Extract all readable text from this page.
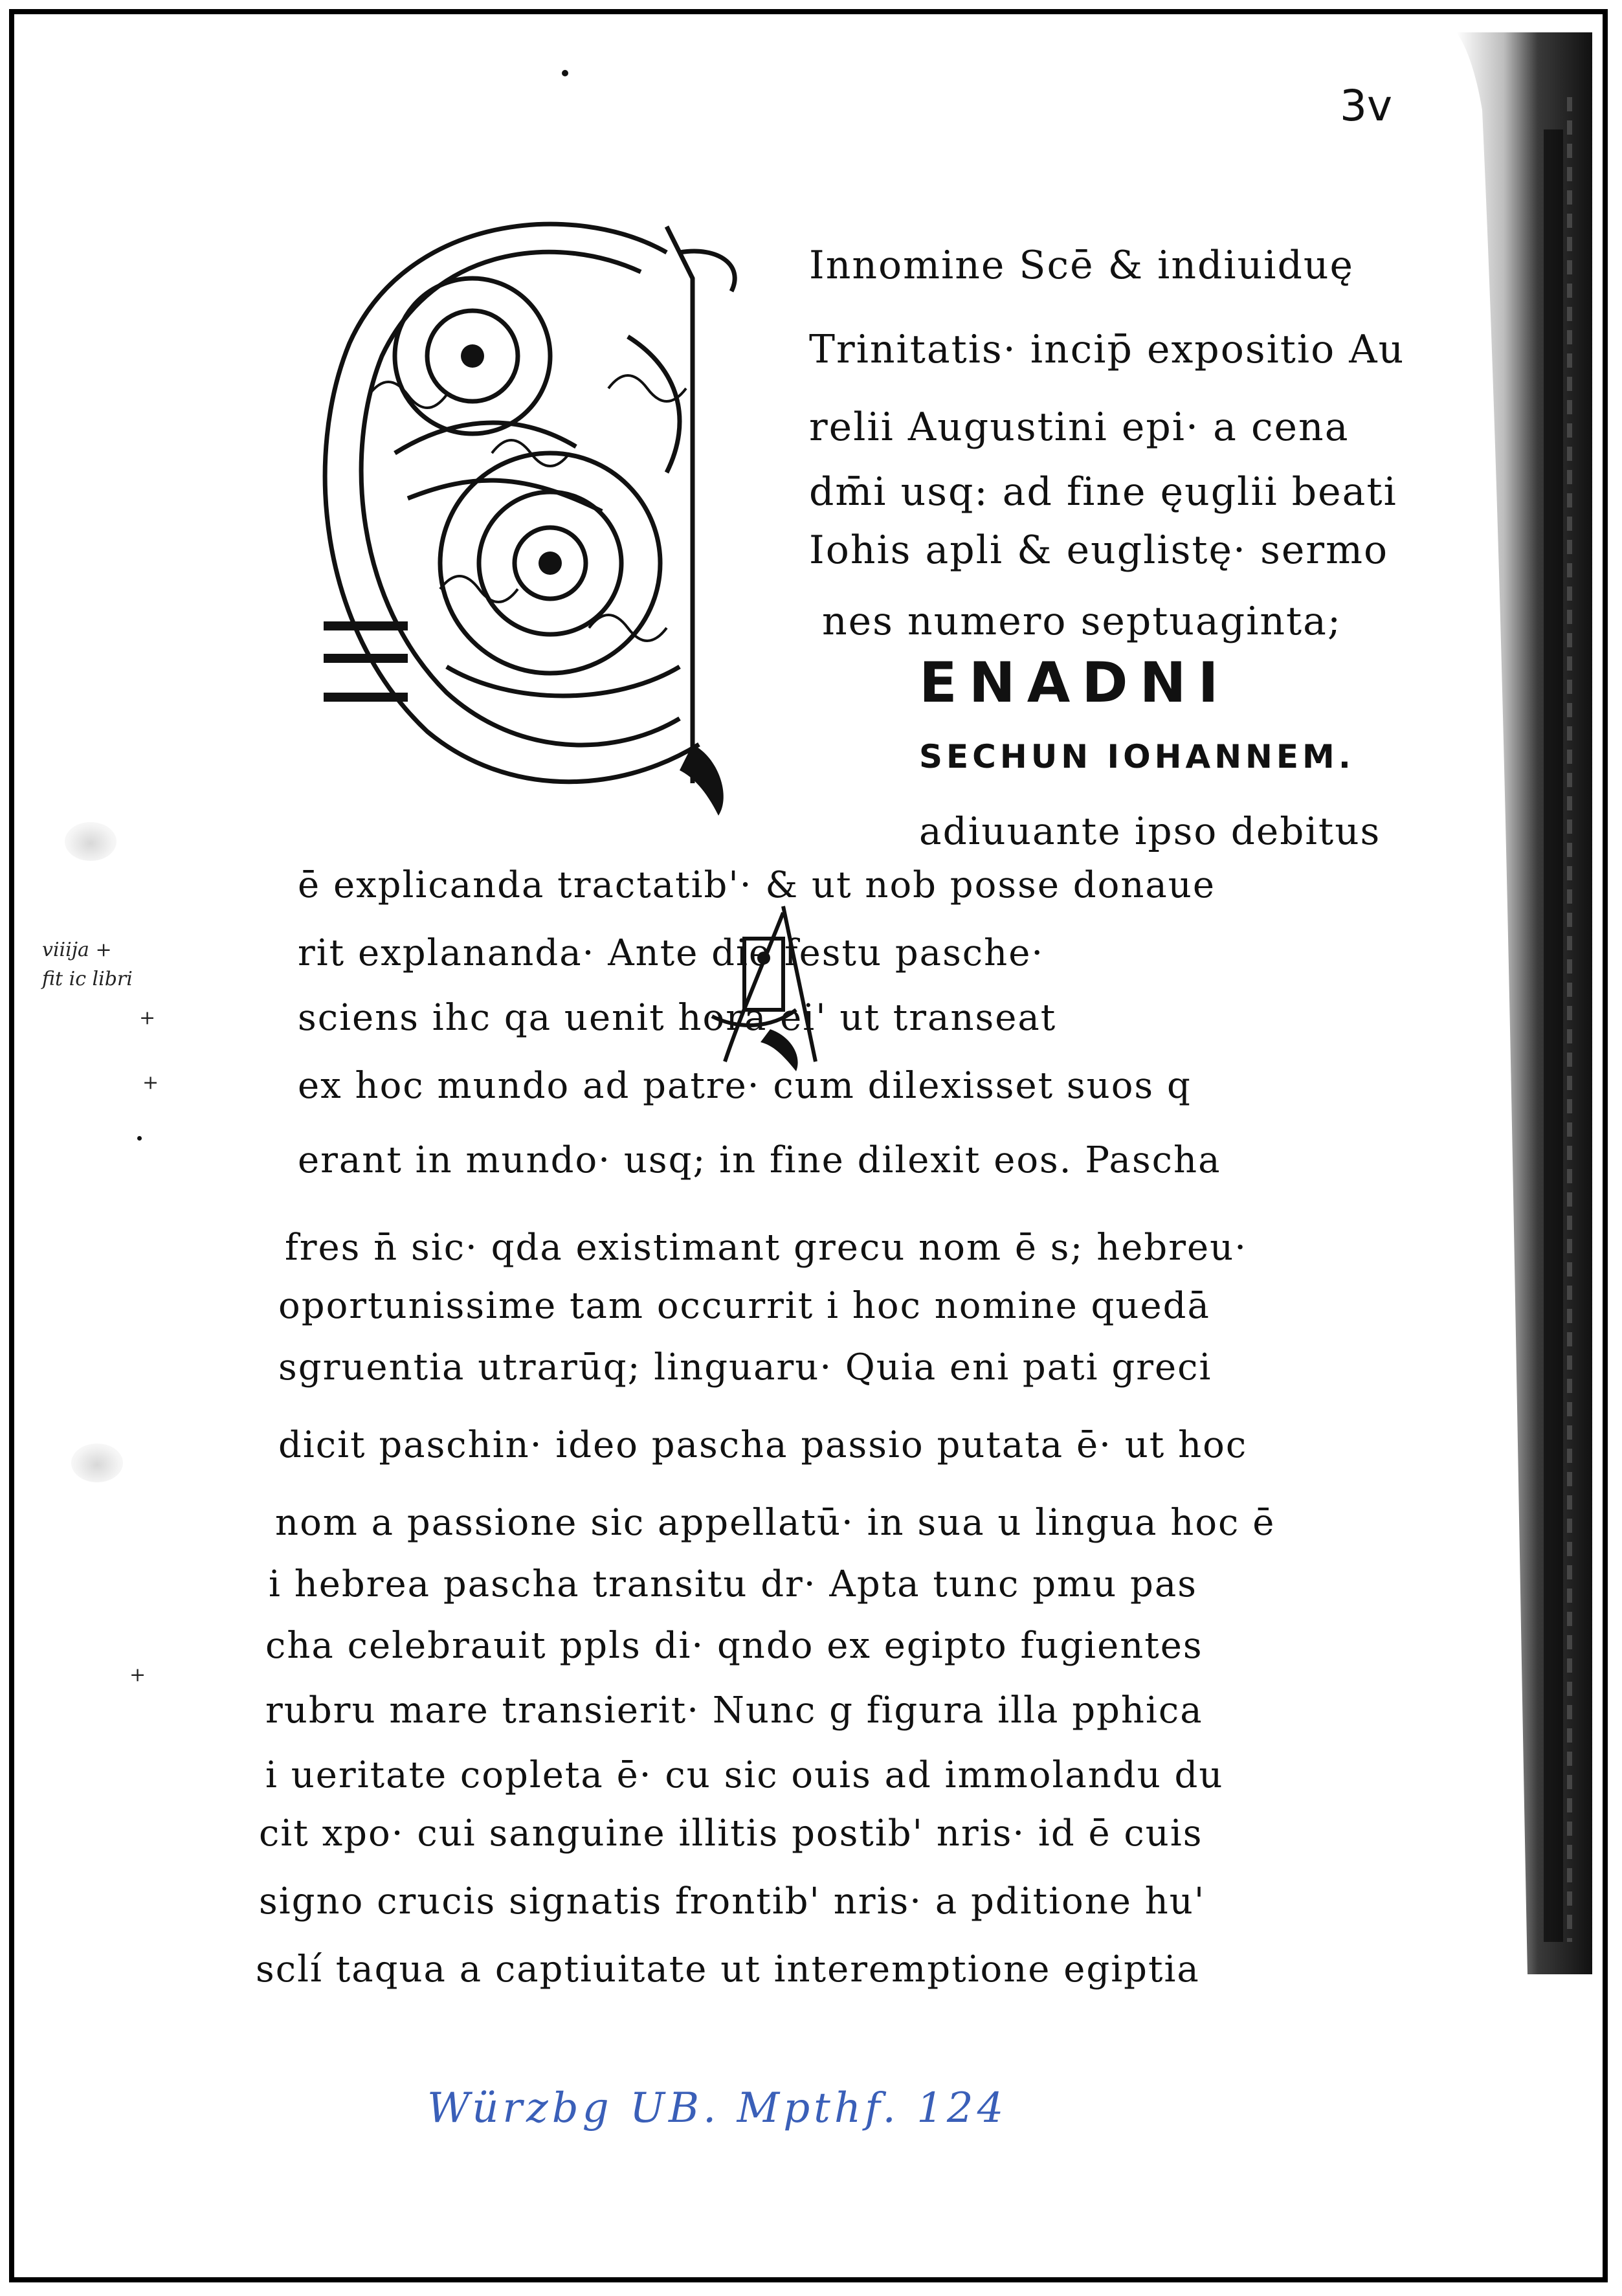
3v
Innomine Scē & indiuiduę
Trinitatis· incip̄ expositio Au
relii Augustini epi· a cena
dm̄i usq: ad fine ęuglii beati
Iohis apli & euglistę· sermo
nes numero septuaginta;
ENADNI
SECHUN IOHANNEM.
adiuuante ipso debitus
ē explicanda tractatib'· & ut nob posse donaue
rit explananda· Ante die festu pasche·
sciens ihc qa uenit hora ei' ut transeat
ex hoc mundo ad patre· cum dilexisset suos q
erant in mundo· usq; in fine dilexit eos. Pascha
fres n̄ sic· qda existimant grecu nom ē s; hebreu·
oportunissime tam occurrit i hoc nomine quedā
sgruentia utrarūq; linguaru· Quia eni pati greci
dicit paschin· ideo pascha passio putata ē· ut hoc
nom a passione sic appellatū· in sua u lingua hoc ē
i hebrea pascha transitu dr· Apta tunc pmu pas
cha celebrauit ppls di· qndo ex egipto fugientes
rubru mare transierit· Nunc g figura illa pphica
i ueritate copleta ē· cu sic ouis ad immolandu du
cit xpo· cui sanguine illitis postib' nris· id ē cuis
signo crucis signatis frontib' nris· a pditione hu'
sclí taqua a captiuitate ut interemptione egiptia
viiija +
fit ic libri
+
+
+
Würzbg UB. Mpthf. 124
